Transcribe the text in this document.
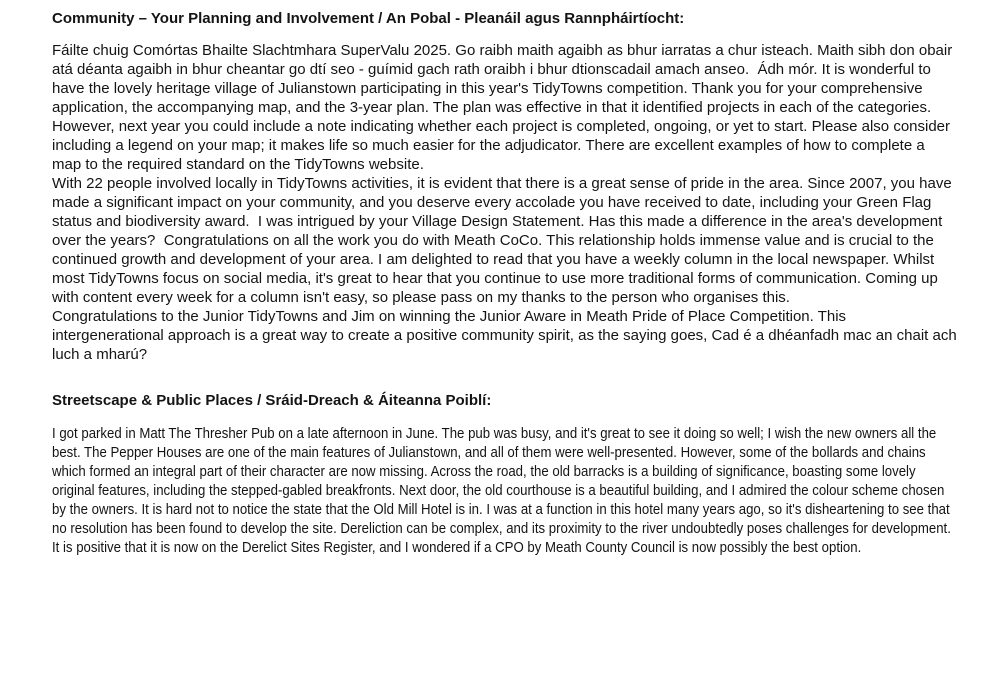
Community – Your Planning and Involvement / An Pobal - Pleanáil agus Rannpháirtíocht:

Fáilte chuig Comórtas Bhailte Slachtmhara SuperValu 2025. Go raibh maith agaibh as bhur iarratas a chur isteach. Maith sibh don obair atá déanta agaibh in bhur cheantar go dtí seo - guímid gach rath oraibh i bhur dtionscadail amach anseo.  Ádh mór. It is wonderful to have the lovely heritage village of Julianstown participating in this year's TidyTowns competition. Thank you for your comprehensive application, the accompanying map, and the 3-year plan. The plan was effective in that it identified projects in each of the categories. However, next year you could include a note indicating whether each project is completed, ongoing, or yet to start. Please also consider including a legend on your map; it makes life so much easier for the adjudicator. There are excellent examples of how to complete a map to the required standard on the TidyTowns website.

With 22 people involved locally in TidyTowns activities, it is evident that there is a great sense of pride in the area. Since 2007, you have made a significant impact on your community, and you deserve every accolade you have received to date, including your Green Flag status and biodiversity award.  I was intrigued by your Village Design Statement. Has this made a difference in the area's development over the years?  Congratulations on all the work you do with Meath CoCo. This relationship holds immense value and is crucial to the continued growth and development of your area. I am delighted to read that you have a weekly column in the local newspaper. Whilst most TidyTowns focus on social media, it's great to hear that you continue to use more traditional forms of communication. Coming up with content every week for a column isn't easy, so please pass on my thanks to the person who organises this.

Congratulations to the Junior TidyTowns and Jim on winning the Junior Aware in Meath Pride of Place Competition. This intergenerational approach is a great way to create a positive community spirit, as the saying goes, Cad é a dhéanfadh mac an chait ach luch a mharú?

Streetscape & Public Places / Sráid-Dreach & Áiteanna Poiblí:

I got parked in Matt The Thresher Pub on a late afternoon in June. The pub was busy, and it's great to see it doing so well; I wish the new owners all the best. The Pepper Houses are one of the main features of Julianstown, and all of them were well-presented. However, some of the bollards and chains which formed an integral part of their character are now missing. Across the road, the old barracks is a building of significance, boasting some lovely original features, including the stepped-gabled breakfronts. Next door, the old courthouse is a beautiful building, and I admired the colour scheme chosen by the owners. It is hard not to notice the state that the Old Mill Hotel is in. I was at a function in this hotel many years ago, so it's disheartening to see that no resolution has been found to develop the site. Dereliction can be complex, and its proximity to the river undoubtedly poses challenges for development. It is positive that it is now on the Derelict Sites Register, and I wondered if a CPO by Meath County Council is now possibly the best option.
